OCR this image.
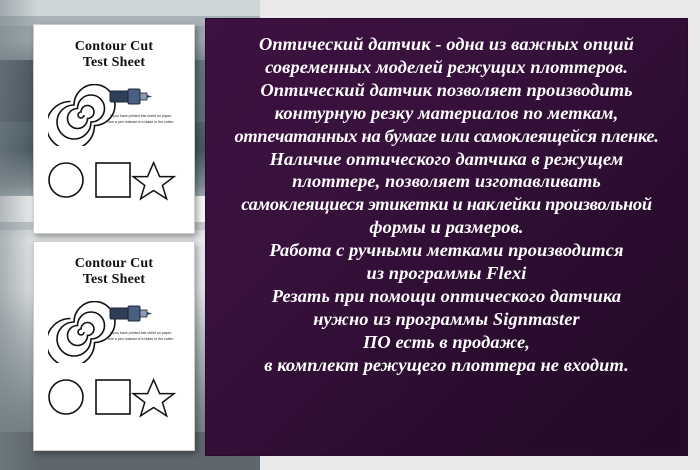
Contour Cut
Test Sheet
If you have printed this sheet on paper, use a pen instead of a blade in the cutter.
Contour Cut
Test Sheet
If you have printed this sheet on paper, use a pen instead of a blade in the cutter.
Оптический датчик - одна из важных опций
современных моделей режущих плоттеров.
Оптический датчик позволяет производить
контурную резку материалов по меткам,
отпечатанных на бумаге или самоклеящейся пленке.
Наличие оптического датчика в режущем
плоттере, позволяет изготавливать
самоклеящиеся этикетки и наклейки произвольной
формы и размеров.
Работа с ручными метками производится
из программы Flexi
Резать при помощи оптического датчика
нужно из программы Signmaster
ПО есть в продаже,
в комплект режущего плоттера не входит.
